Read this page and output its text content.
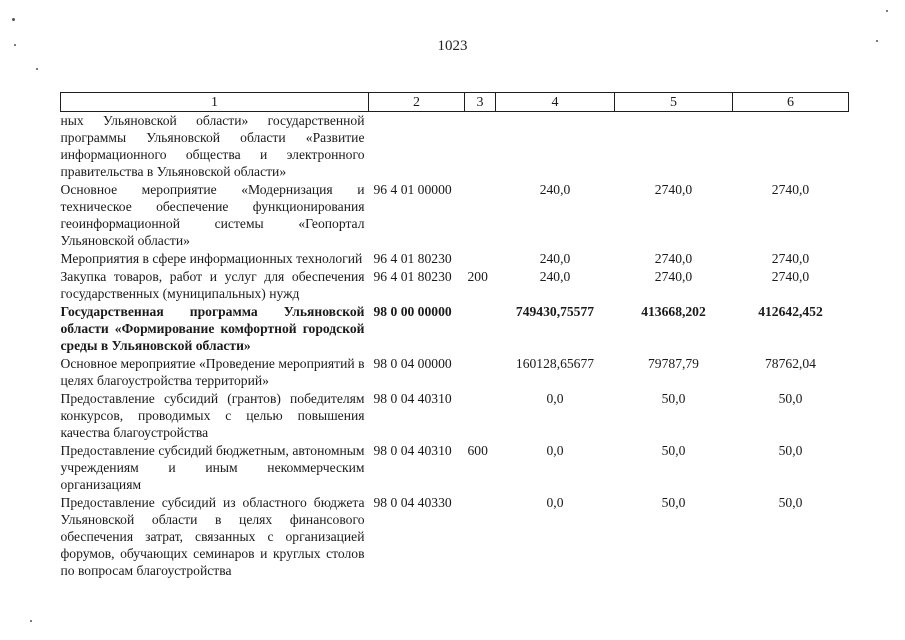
1023
1	2	3	4	5	6
ных Ульяновской области» государственной программы Ульяновской области «Развитие информационного общества и электронного правительства в Ульяновской области»					
Основное мероприятие «Модернизация и техническое обеспечение функционирования геоинформационной системы «Геопортал Ульяновской области»	96 4 01 00000		240,0	2740,0	2740,0
Мероприятия в сфере информационных технологий	96 4 01 80230		240,0	2740,0	2740,0
Закупка товаров, работ и услуг для обеспечения государственных (муниципальных) нужд	96 4 01 80230	200	240,0	2740,0	2740,0
Государственная программа Ульяновской области «Формирование комфортной городской среды в Ульяновской области»	98 0 00 00000		749430,75577	413668,202	412642,452
Основное мероприятие «Проведение мероприятий в целях благоустройства территорий»	98 0 04 00000		160128,65677	79787,79	78762,04
Предоставление субсидий (грантов) победителям конкурсов, проводимых с целью повышения качества благоустройства	98 0 04 40310		0,0	50,0	50,0
Предоставление субсидий бюджетным, автономным учреждениям и иным некоммерческим организациям	98 0 04 40310	600	0,0	50,0	50,0
Предоставление субсидий из областного бюджета Ульяновской области в целях финансового обеспечения затрат, связанных с организацией форумов, обучающих семинаров и круглых столов по вопросам благоустройства	98 0 04 40330		0,0	50,0	50,0
